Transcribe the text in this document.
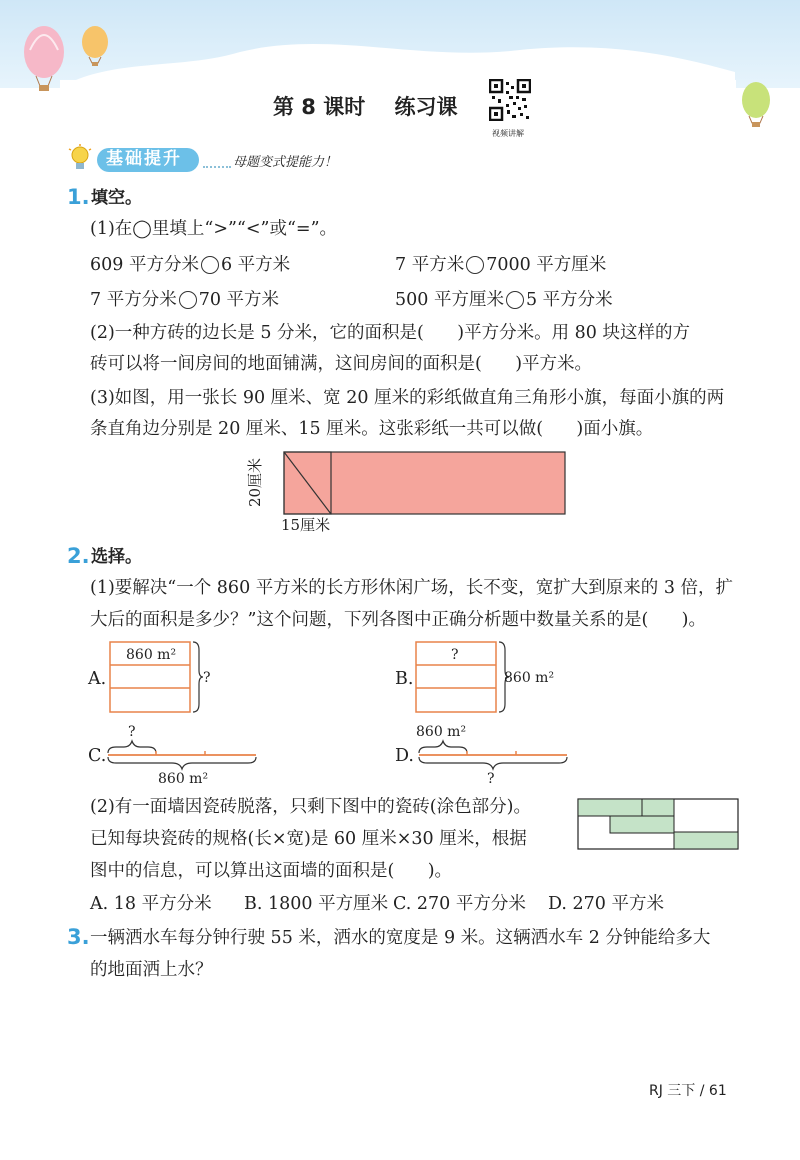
第 8 课时    练习课
视频讲解
基础提升	母题变式提能力！
1. 填空。
(1)在◯里填上“>”“<”或“=”。
609 平方分米 6 平方米	7 平方米 7000 平方厘米
7 平方分米 70 平方米	500 平方厘米 5 平方分米
(2)一种方砖的边长是 5 分米，它的面积是(      )平方分米。用 80 块这样的方
砖可以将一间房间的地面铺满，这间房间的面积是(      )平方米。
(3)如图，用一张长 90 厘米、宽 20 厘米的彩纸做直角三角形小旗，每面小旗的两
条直角边分别是 20 厘米、15 厘米。这张彩纸一共可以做(      )面小旗。
20厘米
15厘米
2. 选择。
(1)要解决“一个 860 平方米的长方形休闲广场，长不变，宽扩大到原来的 3 倍，扩
大后的面积是多少？”这个问题，下列各图中正确分析题中数量关系的是(      )。
A.
860 m²
?	B.
?
860 m²
C.
?
860 m²
D.
860 m²
?
(2)有一面墙因瓷砖脱落，只剩下图中的瓷砖(涂色部分)。
已知每块瓷砖的规格(长×宽)是 60 厘米×30 厘米，根据
图中的信息，可以算出这面墙的面积是(      )。
A. 18 平方分米 B. 1800 平方厘米 C. 270 平方分米 D. 270 平方米
3. 一辆洒水车每分钟行驶 55 米，洒水的宽度是 9 米。这辆洒水车 2 分钟能给多大
的地面洒上水？
RJ 三下 / 61
